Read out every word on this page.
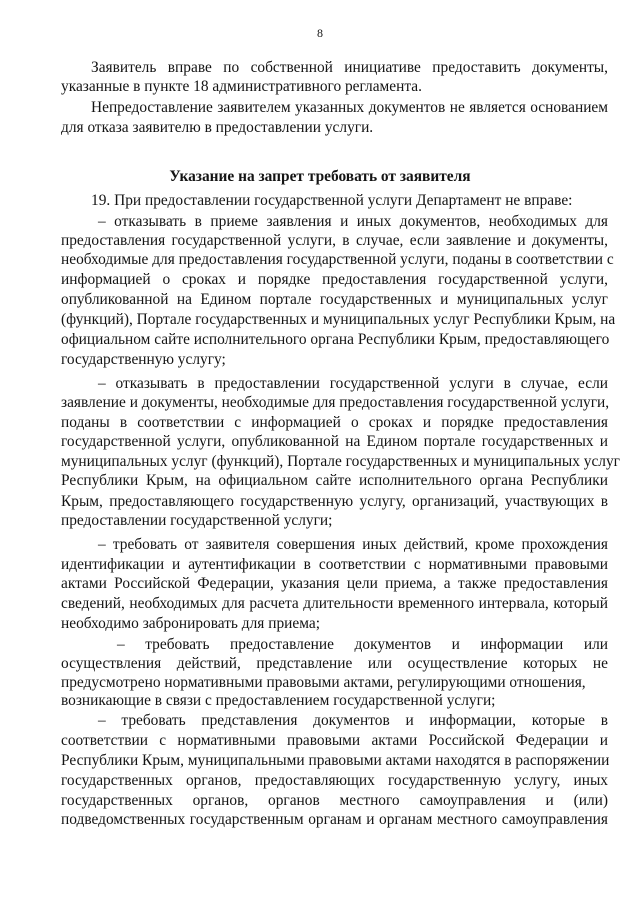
8
Заявитель вправе по собственной инициативе предоставить документы,
указанные в пункте 18 административного регламента.
Непредоставление заявителем указанных документов не является основанием
для отказа заявителю в предоставлении услуги.
Указание на запрет требовать от заявителя
19. При предоставлении государственной услуги Департамент не вправе:
– отказывать в приеме заявления и иных документов, необходимых для
предоставления государственной услуги, в случае, если заявление и документы,
необходимые для предоставления государственной услуги, поданы в соответствии с
информацией о сроках и порядке предоставления государственной услуги,
опубликованной на Едином портале государственных и муниципальных услуг
(функций), Портале государственных и муниципальных услуг Республики Крым, на
официальном сайте исполнительного органа Республики Крым, предоставляющего
государственную услугу;
– отказывать в предоставлении государственной услуги в случае, если
заявление и документы, необходимые для предоставления государственной услуги,
поданы в соответствии с информацией о сроках и порядке предоставления
государственной услуги, опубликованной на Едином портале государственных и
муниципальных услуг (функций), Портале государственных и муниципальных услуг
Республики Крым, на официальном сайте исполнительного органа Республики
Крым, предоставляющего государственную услугу, организаций, участвующих в
предоставлении государственной услуги;
– требовать от заявителя совершения иных действий, кроме прохождения
идентификации и аутентификации в соответствии с нормативными правовыми
актами Российской Федерации, указания цели приема, а также предоставления
сведений, необходимых для расчета длительности временного интервала, который
необходимо забронировать для приема;
– требовать предоставление документов и информации или
осуществления действий, представление или осуществление которых не
предусмотрено нормативными правовыми актами, регулирующими отношения,
возникающие в связи с предоставлением государственной услуги;
– требовать представления документов и информации, которые в
соответствии с нормативными правовыми актами Российской Федерации и
Республики Крым, муниципальными правовыми актами находятся в распоряжении
государственных органов, предоставляющих государственную услугу, иных
государственных органов, органов местного самоуправления и (или)
подведомственных государственным органам и органам местного самоуправления
